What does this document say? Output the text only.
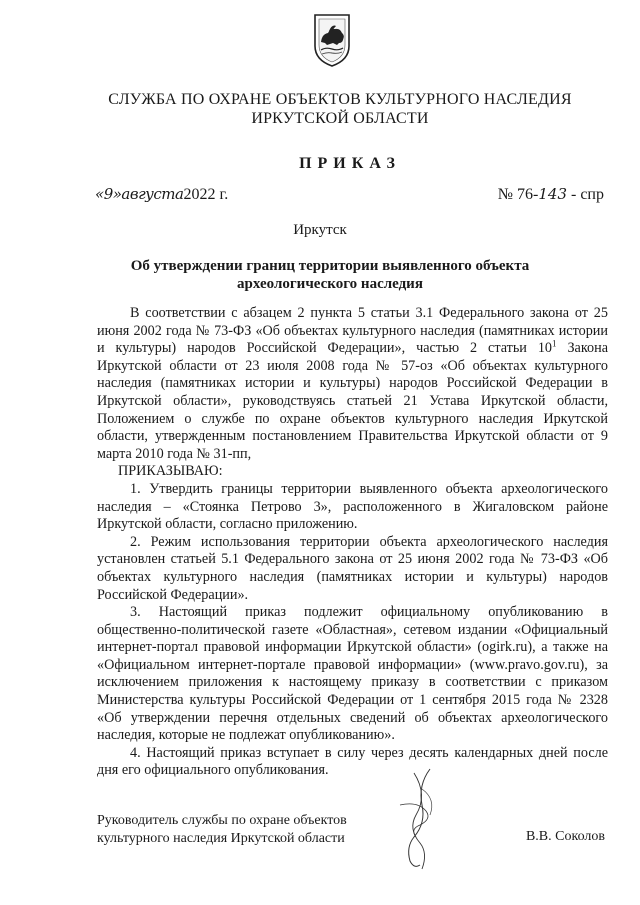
СЛУЖБА ПО ОХРАНЕ ОБЪЕКТОВ КУЛЬТУРНОГО НАСЛЕДИЯ
ИРКУТСКОЙ ОБЛАСТИ
ПРИКАЗ
«9»августа2022 г.	№ 76-143 - спр
Иркутск
Об утверждении границ территории выявленного объекта
археологического наследия

В соответствии с абзацем 2 пункта 5 статьи 3.1 Федерального закона от 25 июня 2002 года № 73-ФЗ «Об объектах культурного наследия (памятниках истории и культуры) народов Российской Федерации», частью 2 статьи $10^1$ Закона Иркутской области от 23 июля 2008 года № 57-оз «Об объектах культурного наследия (памятниках истории и культуры) народов Российской Федерации в Иркутской области», руководствуясь статьей 21 Устава Иркутской области, Положением о службе по охране объектов культурного наследия Иркутской области, утвержденным постановлением Правительства Иркутской области от 9 марта 2010 года № 31-пп,

ПРИКАЗЫВАЮ:

1. Утвердить границы территории выявленного объекта археологического наследия – «Стоянка Петрово 3», расположенного в Жигаловском районе Иркутской области, согласно приложению.

2. Режим использования территории объекта археологического наследия установлен статьей 5.1 Федерального закона от 25 июня 2002 года № 73-ФЗ «Об объектах культурного наследия (памятниках истории и культуры) народов Российской Федерации».

3. Настоящий приказ подлежит официальному опубликованию в общественно-политической газете «Областная», сетевом издании «Официальный интернет-портал правовой информации Иркутской области» (ogirk.ru), а также на «Официальном интернет-портале правовой информации» (www.pravo.gov.ru), за исключением приложения к настоящему приказу в соответствии с приказом Министерства культуры Российской Федерации от 1 сентября 2015 года № 2328 «Об утверждении перечня отдельных сведений об объектах археологического наследия, которые не подлежат опубликованию».

4. Настоящий приказ вступает в силу через десять календарных дней после дня его официального опубликования.

Руководитель службы по охране объектов
культурного наследия Иркутской области	В.В. Соколов
